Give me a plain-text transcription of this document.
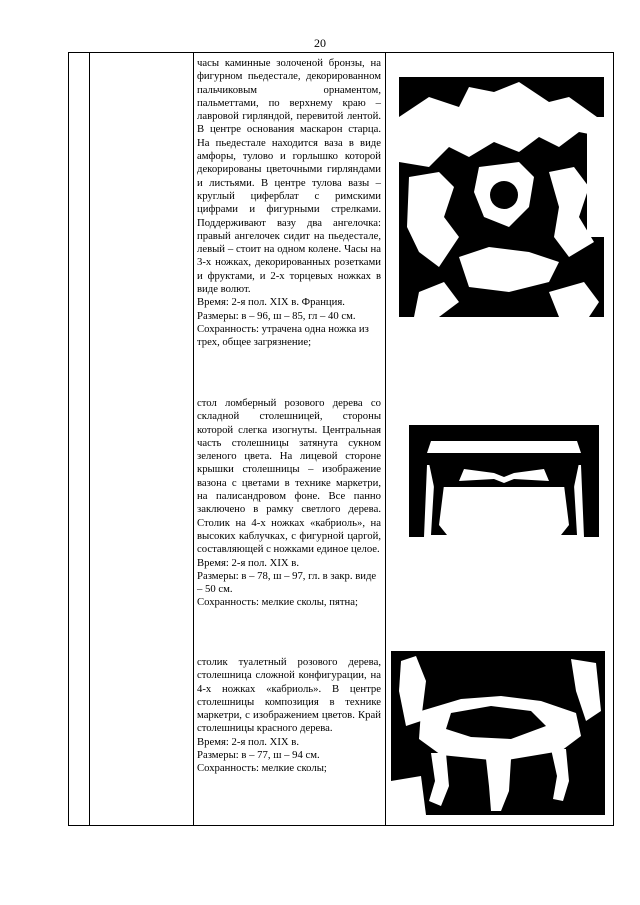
20

часы каминные золоченой бронзы, на фигурном пьедестале, декорированном пальчиковым орнаментом, пальметтами, по верхнему краю – лавровой гирляндой, перевитой лентой. В центре основания маскарон старца. На пьедестале находится ваза в виде амфоры, тулово и горлышко которой декорированы цветочными гирляндами и листьями. В центре тулова вазы – круглый циферблат с римскими цифрами и фигурными стрелками. Поддерживают вазу два ангелочка: правый ангелочек сидит на пьедестале, левый – стоит на одном колене. Часы на 3-х ножках, декорированных розетками и фруктами, и 2-х торцевых ножках в виде волют.

Время: 2-я пол. XIX в. Франция.

Размеры: в – 96, ш – 85, гл – 40 см.

Сохранность: утрачена одна ножка из трех, общее загрязнение;

стол ломберный розового дерева со складной столешницей, стороны которой слегка изогнуты. Центральная часть столешницы затянута сукном зеленого цвета. На лицевой стороне крышки столешницы – изображение вазона с цветами в технике маркетри, на палисандровом фоне. Все панно заключено в рамку светлого дерева. Столик на 4-х ножках «кабриоль», на высоких каблучках, с фигурной царгой, составляющей с ножками единое целое.

Время: 2-я пол. XIX в.

Размеры: в – 78, ш – 97, гл. в закр. виде – 50 см.

Сохранность: мелкие сколы, пятна;

столик туалетный розового дерева, столешница сложной конфигурации, на 4-х ножках «кабриоль». В центре столешницы композиция в технике маркетри, с изображением цветов. Край столешницы красного дерева.

Время: 2-я пол. XIX в.

Размеры: в – 77, ш – 94 см.

Сохранность: мелкие сколы;
